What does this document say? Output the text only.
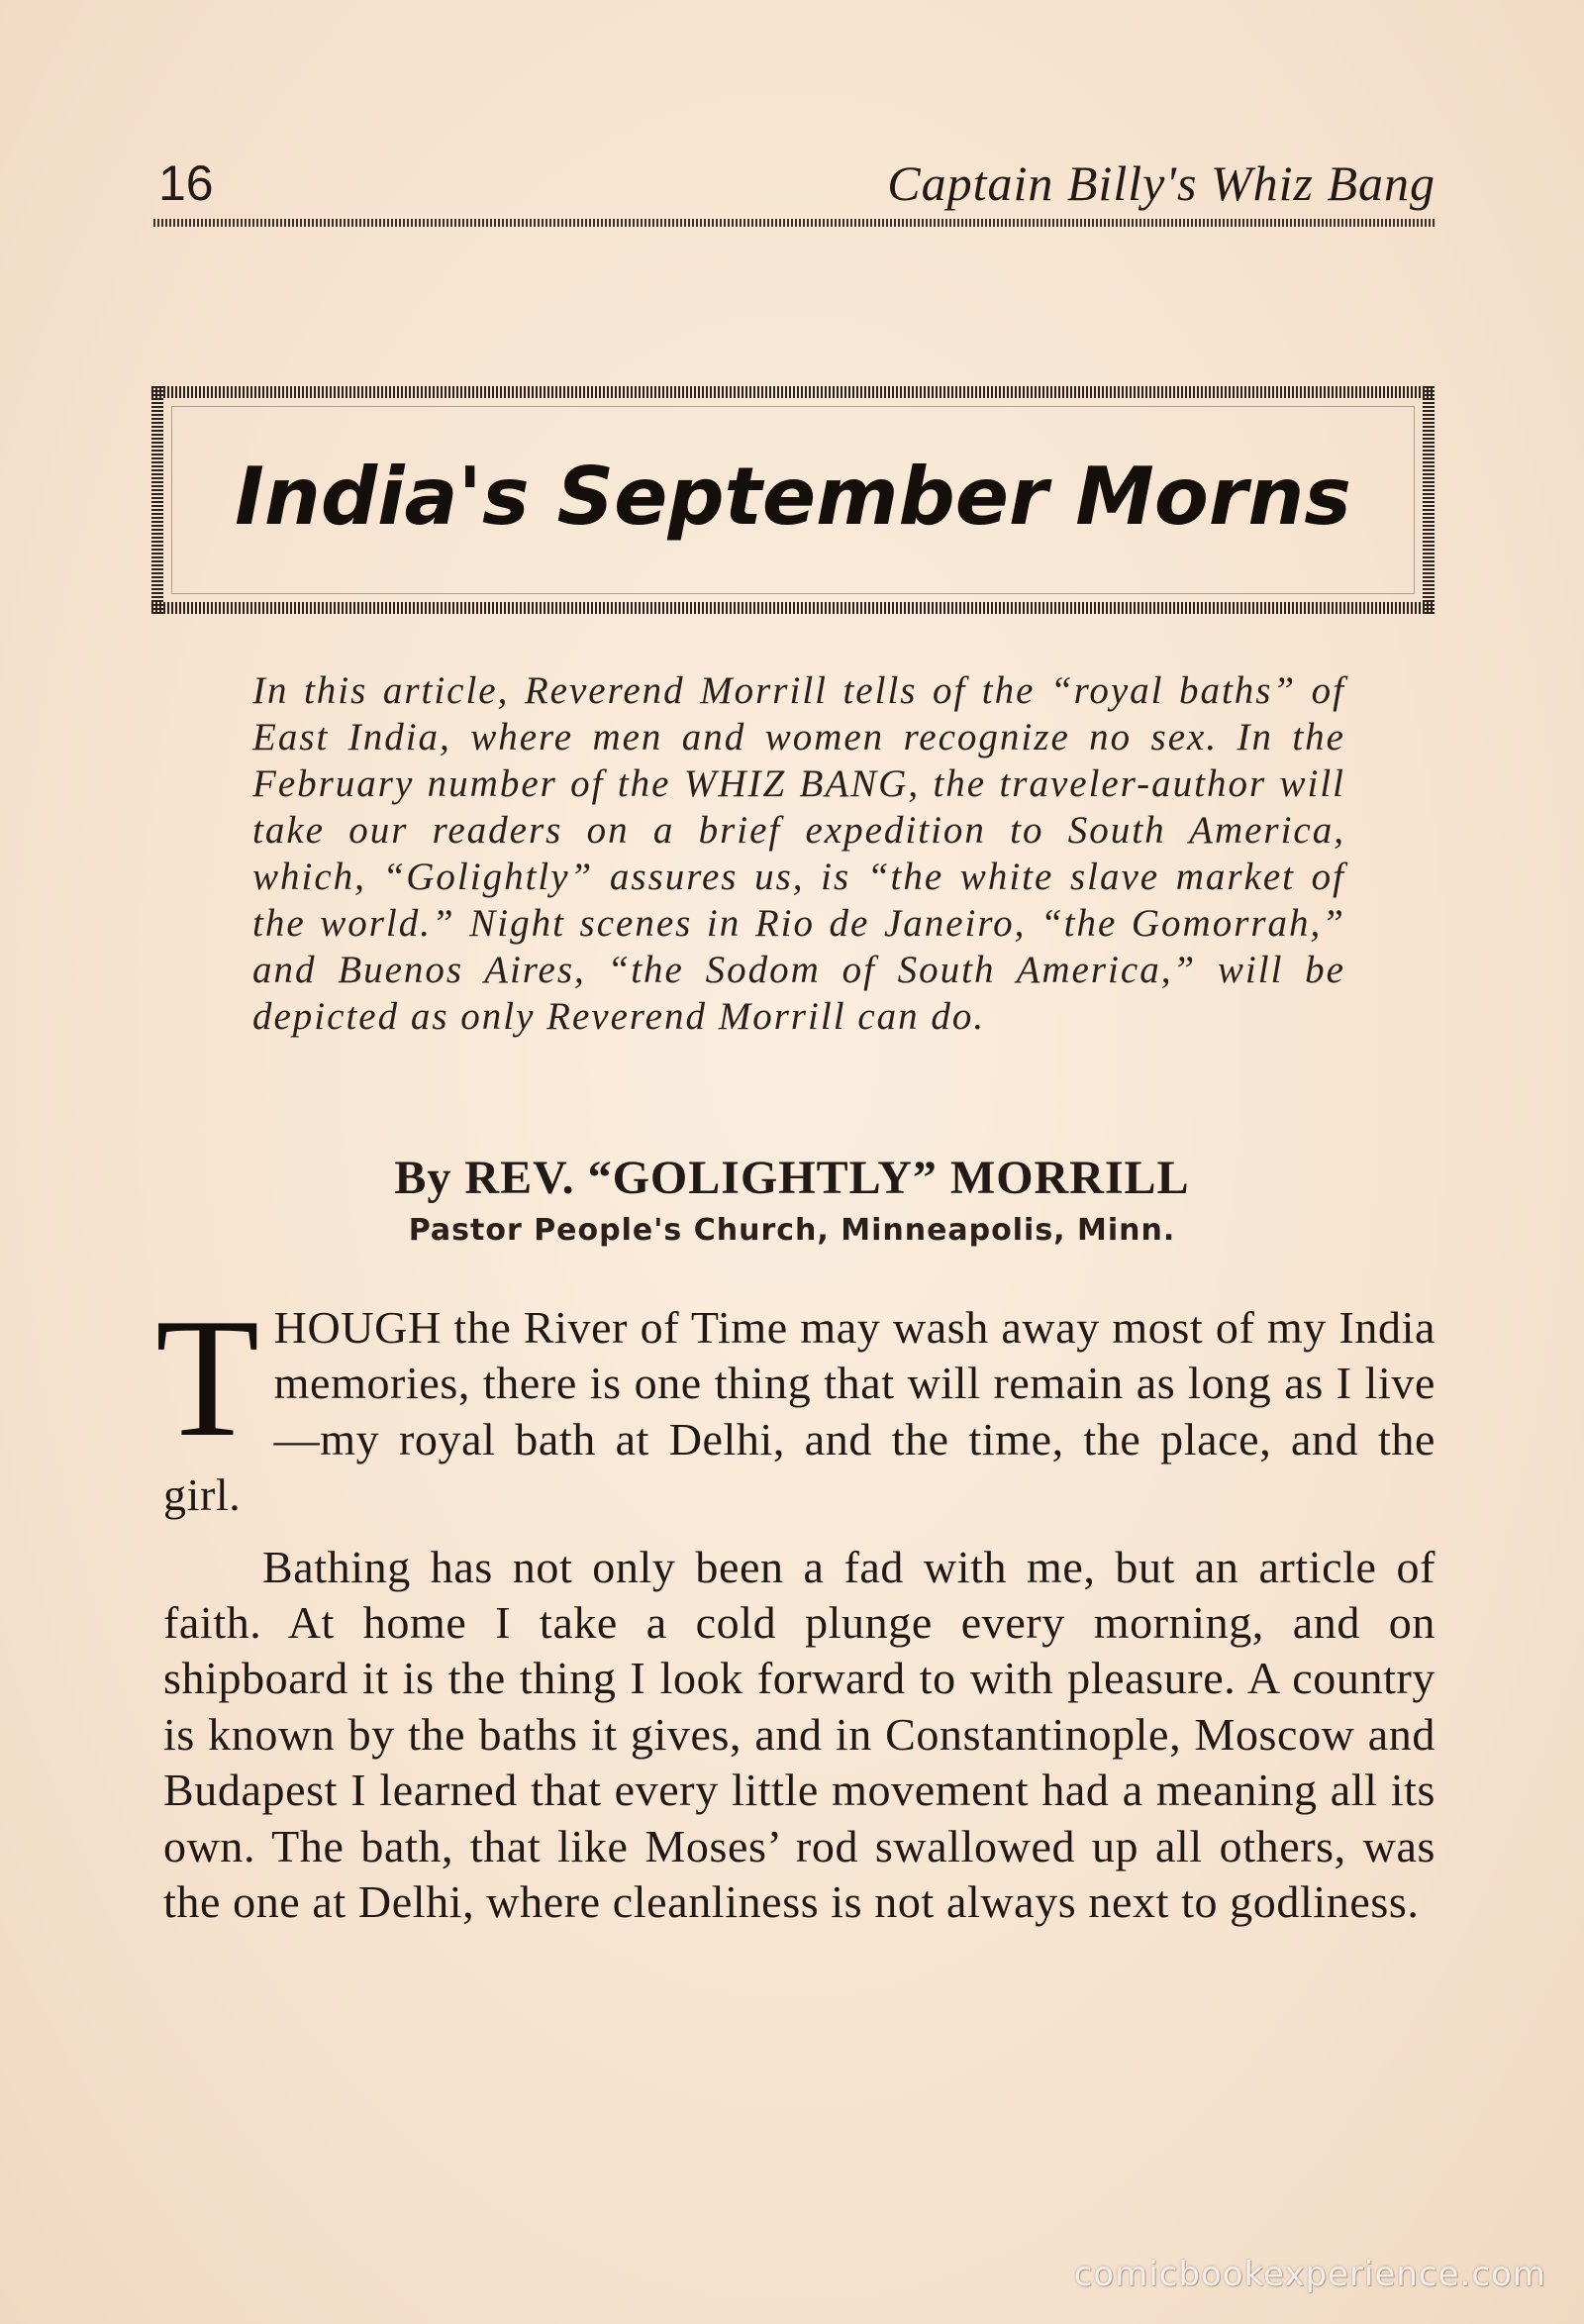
16	Captain Billy's Whiz Bang
India's September Morns
In this article, Reverend Morrill tells of the “royal baths” of East India, where men and women recognize no sex. In the February number of the WHIZ BANG, the traveler-author will take our readers on a brief expedition to South America, which, “Golightly” assures us, is “the white slave market of the world.” Night scenes in Rio de Janeiro, “the Gomorrah,” and Buenos Aires, “the Sodom of South America,” will be depicted as only Reverend Morrill can do.
By REV. “GOLIGHTLY” MORRILL
Pastor People's Church, Minneapolis, Minn.

THOUGH the River of Time may wash away most of my India memories, there is one thing that will remain as long as I live—my royal bath at Delhi, and the time, the place, and the girl.

Bathing has not only been a fad with me, but an article of faith. At home I take a cold plunge every morning, and on shipboard it is the thing I look forward to with pleasure. A country is known by the baths it gives, and in Constantinople, Moscow and Budapest I learned that every little movement had a meaning all its own. The bath, that like Moses’ rod swallowed up all others, was the one at Delhi, where cleanliness is not always next to godliness.

comicbookexperience.com
